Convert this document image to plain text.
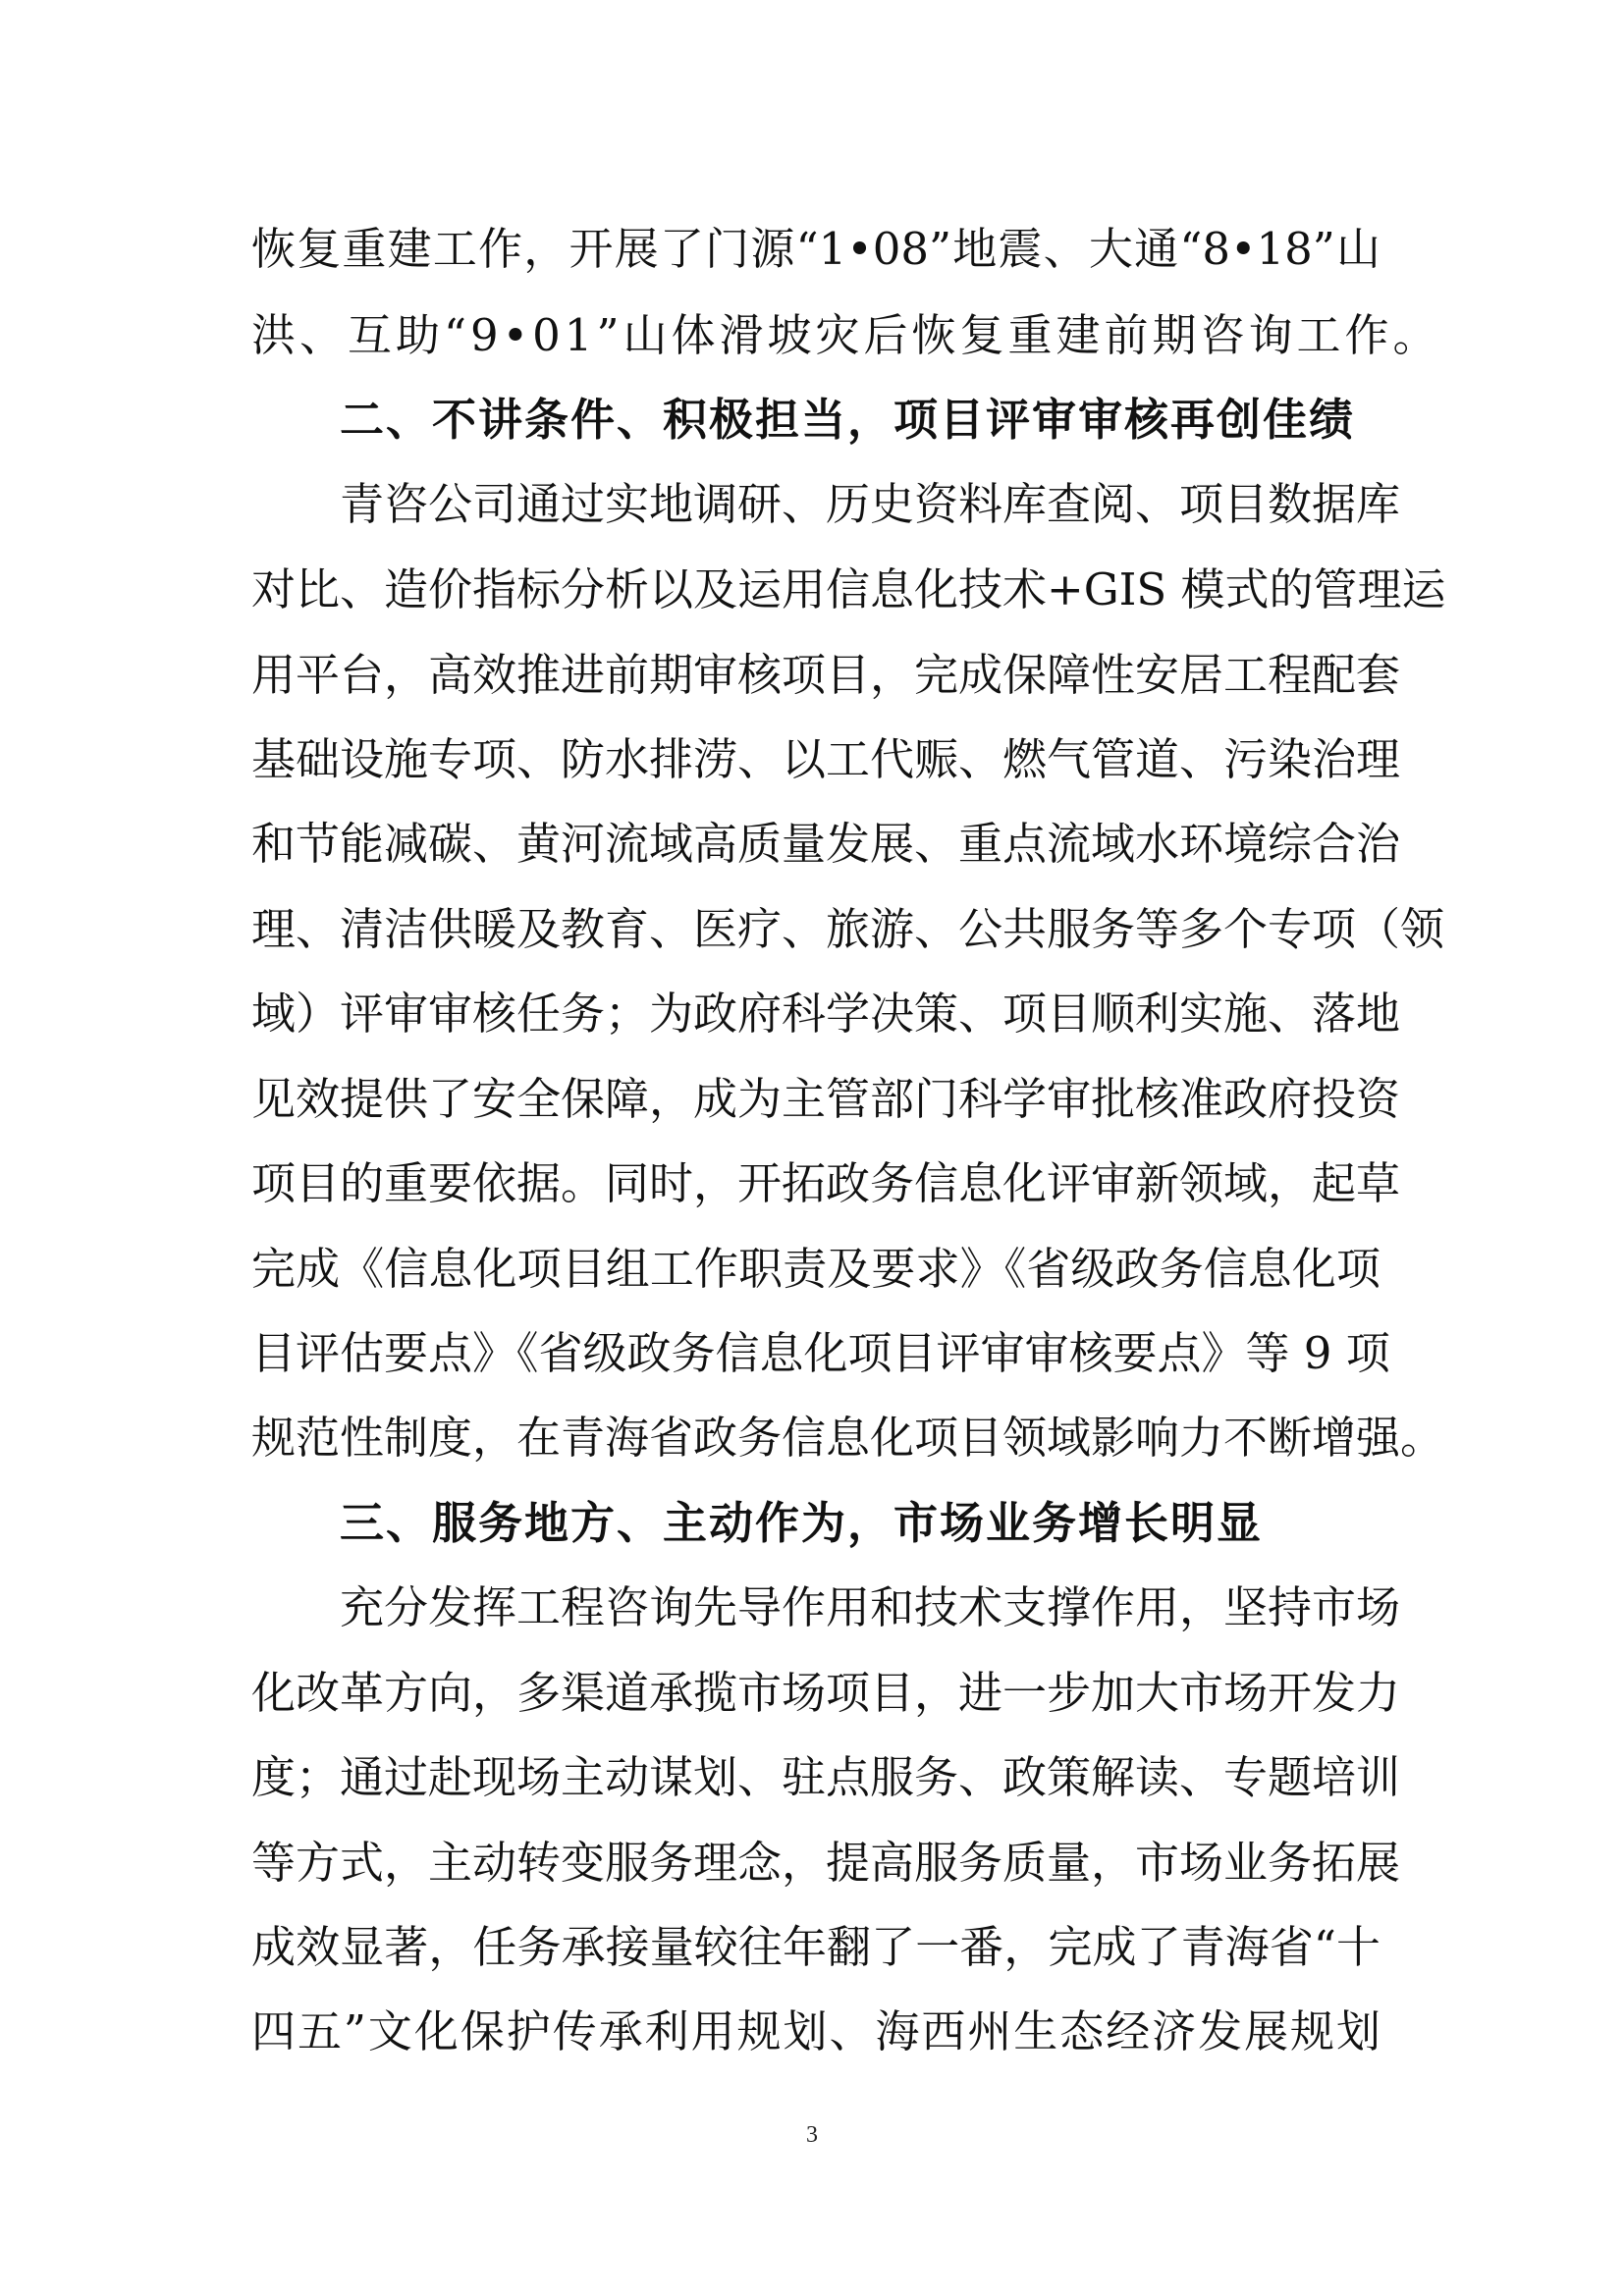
恢复重建工作，开展了门源“1•08”地震、大通“8•18”山
洪、互助“9•01”山体滑坡灾后恢复重建前期咨询工作。
二、不讲条件、积极担当，项目评审审核再创佳绩
青咨公司通过实地调研、历史资料库查阅、项目数据库
对比、造价指标分析以及运用信息化技术+GIS 模式的管理运
用平台，高效推进前期审核项目，完成保障性安居工程配套
基础设施专项、防水排涝、以工代赈、燃气管道、污染治理
和节能减碳、黄河流域高质量发展、重点流域水环境综合治
理、清洁供暖及教育、医疗、旅游、公共服务等多个专项（领
域）评审审核任务；为政府科学决策、项目顺利实施、落地
见效提供了安全保障，成为主管部门科学审批核准政府投资
项目的重要依据。同时，开拓政务信息化评审新领域，起草
完成《信息化项目组工作职责及要求》《省级政务信息化项
目评估要点》《省级政务信息化项目评审审核要点》等 9 项
规范性制度，在青海省政务信息化项目领域影响力不断增强。
三、服务地方、主动作为，市场业务增长明显
充分发挥工程咨询先导作用和技术支撑作用，坚持市场
化改革方向，多渠道承揽市场项目，进一步加大市场开发力
度；通过赴现场主动谋划、驻点服务、政策解读、专题培训
等方式，主动转变服务理念，提高服务质量，市场业务拓展
成效显著，任务承接量较往年翻了一番，完成了青海省“十
四五”文化保护传承利用规划、海西州生态经济发展规划
3
